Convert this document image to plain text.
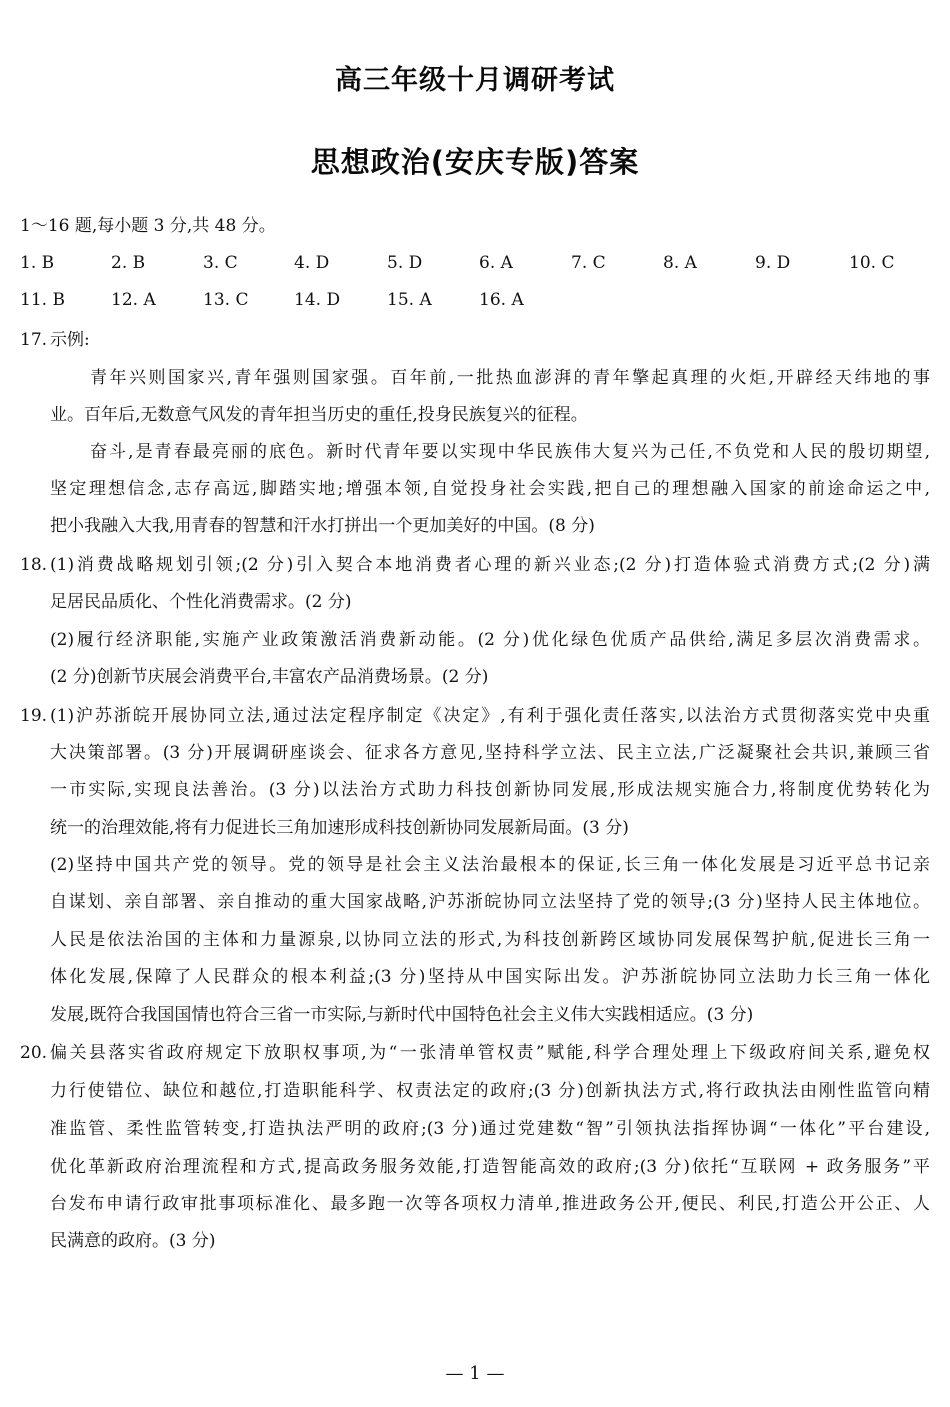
高三年级十月调研考试
思想政治(安庆专版)答案
1～16 题,每小题 3 分,共 48 分。
1. B	2. B	3. C	4. D	5. D	6. A	7. C	8. A	9. D	10. C
11. B	12. A	13. C	14. D	15. A	16. A
17. 示例:
青年兴则国家兴,青年强则国家强。百年前,一批热血澎湃的青年擎起真理的火炬,开辟经天纬地的事
业。百年后,无数意气风发的青年担当历史的重任,投身民族复兴的征程。
奋斗,是青春最亮丽的底色。新时代青年要以实现中华民族伟大复兴为己任,不负党和人民的殷切期望,
坚定理想信念,志存高远,脚踏实地;增强本领,自觉投身社会实践,把自己的理想融入国家的前途命运之中,
把小我融入大我,用青春的智慧和汗水打拼出一个更加美好的中国。(8 分)
18. (1)消费战略规划引领;(2 分)引入契合本地消费者心理的新兴业态;(2 分)打造体验式消费方式;(2 分)满
足居民品质化、个性化消费需求。(2 分)
(2)履行经济职能,实施产业政策激活消费新动能。(2 分)优化绿色优质产品供给,满足多层次消费需求。
(2 分)创新节庆展会消费平台,丰富农产品消费场景。(2 分)
19. (1)沪苏浙皖开展协同立法,通过法定程序制定《决定》,有利于强化责任落实,以法治方式贯彻落实党中央重
大决策部署。(3 分)开展调研座谈会、征求各方意见,坚持科学立法、民主立法,广泛凝聚社会共识,兼顾三省
一市实际,实现良法善治。(3 分)以法治方式助力科技创新协同发展,形成法规实施合力,将制度优势转化为
统一的治理效能,将有力促进长三角加速形成科技创新协同发展新局面。(3 分)
(2)坚持中国共产党的领导。党的领导是社会主义法治最根本的保证,长三角一体化发展是习近平总书记亲
自谋划、亲自部署、亲自推动的重大国家战略,沪苏浙皖协同立法坚持了党的领导;(3 分)坚持人民主体地位。
人民是依法治国的主体和力量源泉,以协同立法的形式,为科技创新跨区域协同发展保驾护航,促进长三角一
体化发展,保障了人民群众的根本利益;(3 分)坚持从中国实际出发。沪苏浙皖协同立法助力长三角一体化
发展,既符合我国国情也符合三省一市实际,与新时代中国特色社会主义伟大实践相适应。(3 分)
20. 偏关县落实省政府规定下放职权事项,为“一张清单管权责”赋能,科学合理处理上下级政府间关系,避免权
力行使错位、缺位和越位,打造职能科学、权责法定的政府;(3 分)创新执法方式,将行政执法由刚性监管向精
准监管、柔性监管转变,打造执法严明的政府;(3 分)通过党建数“智”引领执法指挥协调“一体化”平台建设,
优化革新政府治理流程和方式,提高政务服务效能,打造智能高效的政府;(3 分)依托“互联网 + 政务服务”平
台发布申请行政审批事项标准化、最多跑一次等各项权力清单,推进政务公开,便民、利民,打造公开公正、人
民满意的政府。(3 分)
— 1 —
